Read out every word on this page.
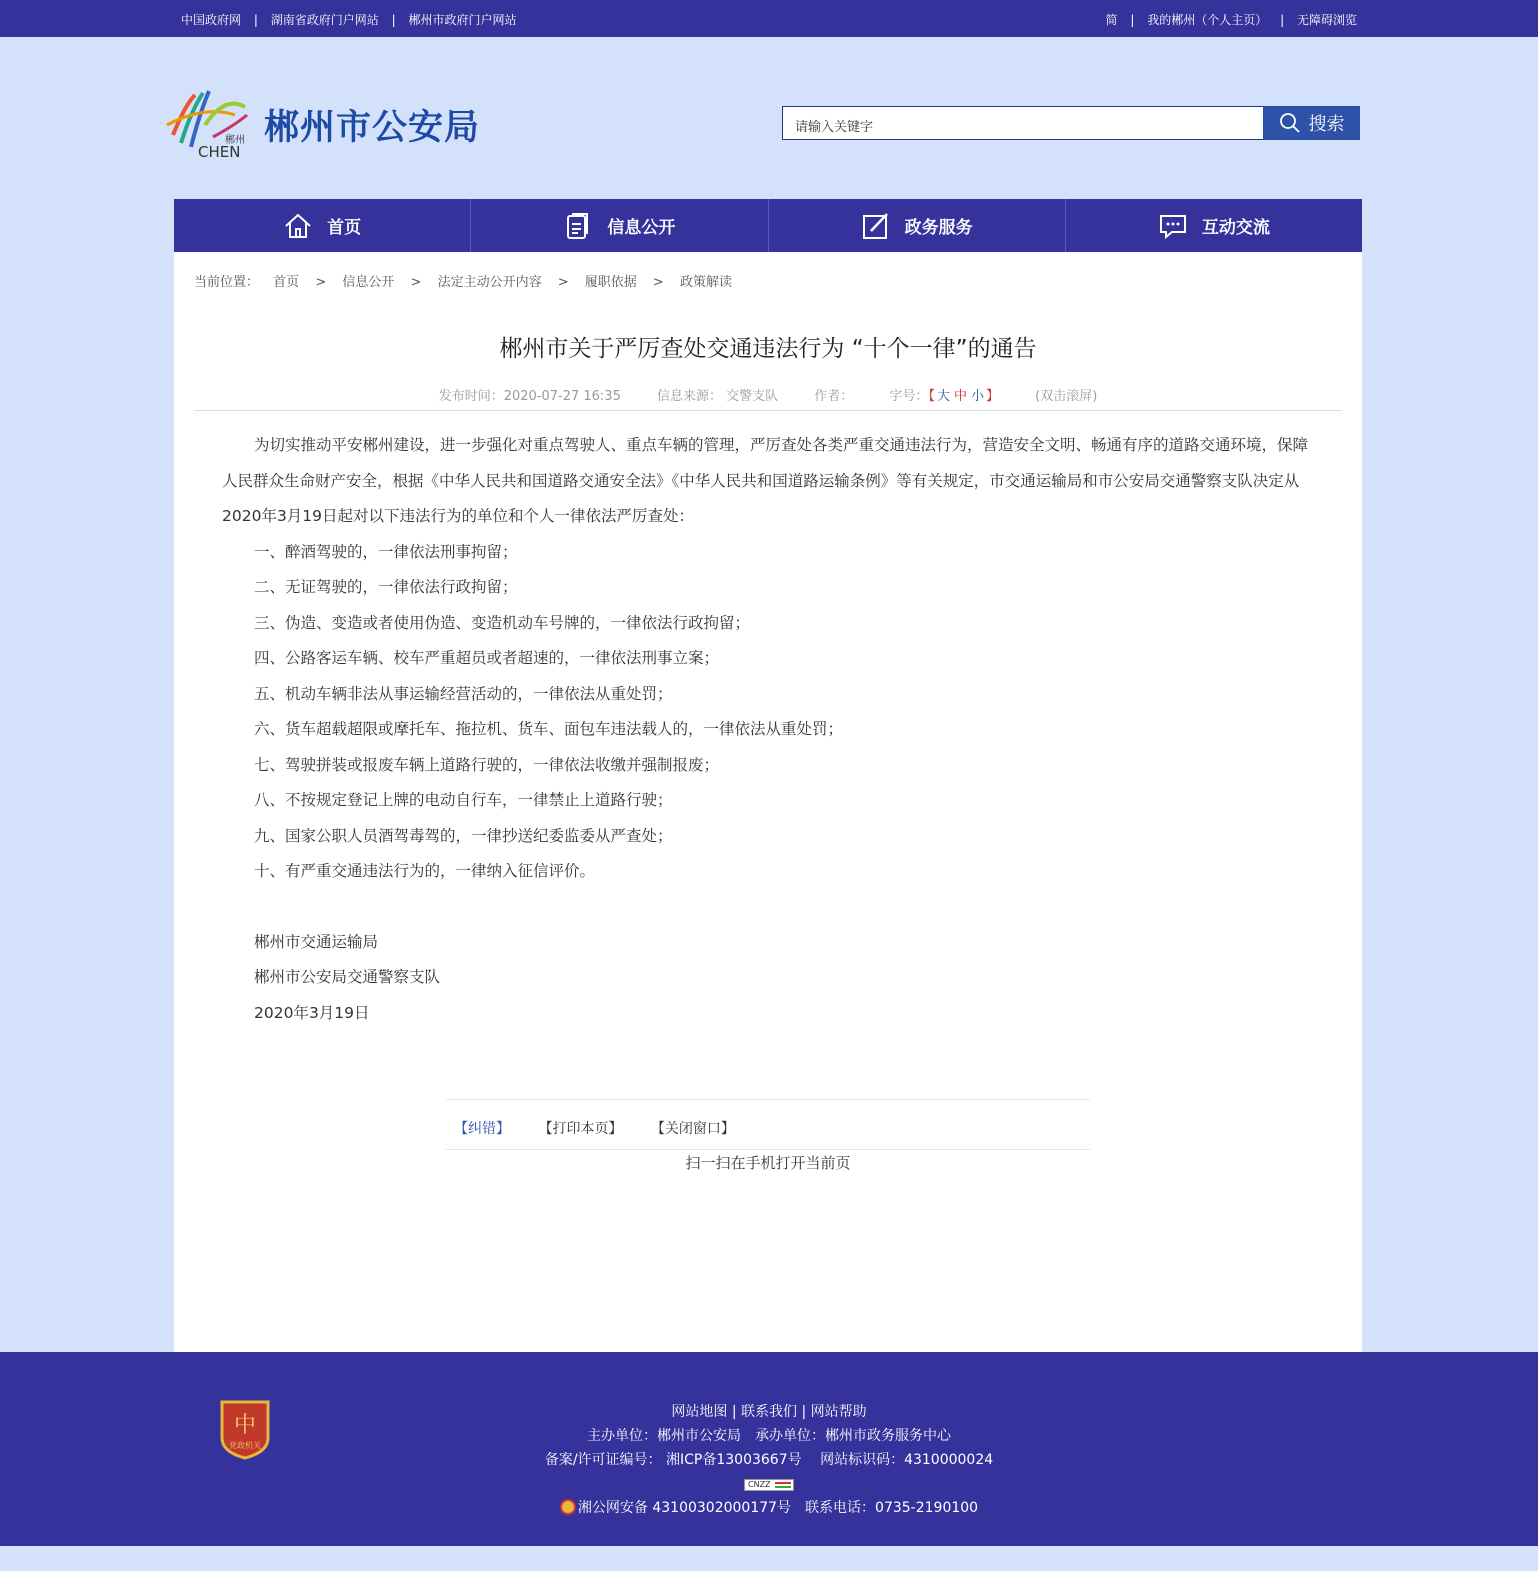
中国政府网 | 湖南省政府门户网站 | 郴州市政府门户网站	简 | 我的郴州（个人主页） | 无障碍浏览
郴州
CHEN
郴州市公安局	请输入关键字	搜索
首页	信息公开	政务服务	互动交流
当前位置： 首页 > 信息公开 > 法定主动公开内容 > 履职依据 > 政策解读
郴州市关于严厉查处交通违法行为 “十个一律”的通告
发布时间：2020-07-27 16:35	信息来源： 交警支队	作者：	字号：【 大 中 小 】	(双击滚屏)
为切实推动平安郴州建设，进一步强化对重点驾驶人、重点车辆的管理，严厉查处各类严重交通违法行为，营造安全文明、畅通有序的道路交通环境，保障人民群众生命财产安全，根据《中华人民共和国道路交通安全法》《中华人民共和国道路运输条例》等有关规定，市交通运输局和市公安局交通警察支队决定从2020年3月19日起对以下违法行为的单位和个人一律依法严厉查处：
一、醉酒驾驶的，一律依法刑事拘留；
二、无证驾驶的，一律依法行政拘留；
三、伪造、变造或者使用伪造、变造机动车号牌的，一律依法行政拘留；
四、公路客运车辆、校车严重超员或者超速的，一律依法刑事立案；
五、机动车辆非法从事运输经营活动的，一律依法从重处罚；
六、货车超载超限或摩托车、拖拉机、货车、面包车违法载人的，一律依法从重处罚；
七、驾驶拼装或报废车辆上道路行驶的，一律依法收缴并强制报废；
八、不按规定登记上牌的电动自行车，一律禁止上道路行驶；
九、国家公职人员酒驾毒驾的，一律抄送纪委监委从严查处；
十、有严重交通违法行为的，一律纳入征信评价。
郴州市交通运输局
郴州市公安局交通警察支队
2020年3月19日
【纠错】 【打印本页】 【关闭窗口】
扫一扫在手机打开当前页
中
党政机关
网站地图 | 联系我们 | 网站帮助
主办单位：郴州市公安局　承办单位：郴州市政务服务中心
备案/许可证编号： 湘ICP备13003667号　 网站标识码：4310000024
CNZZ
湘公网安备 43100302000177号　联系电话：0735-2190100
